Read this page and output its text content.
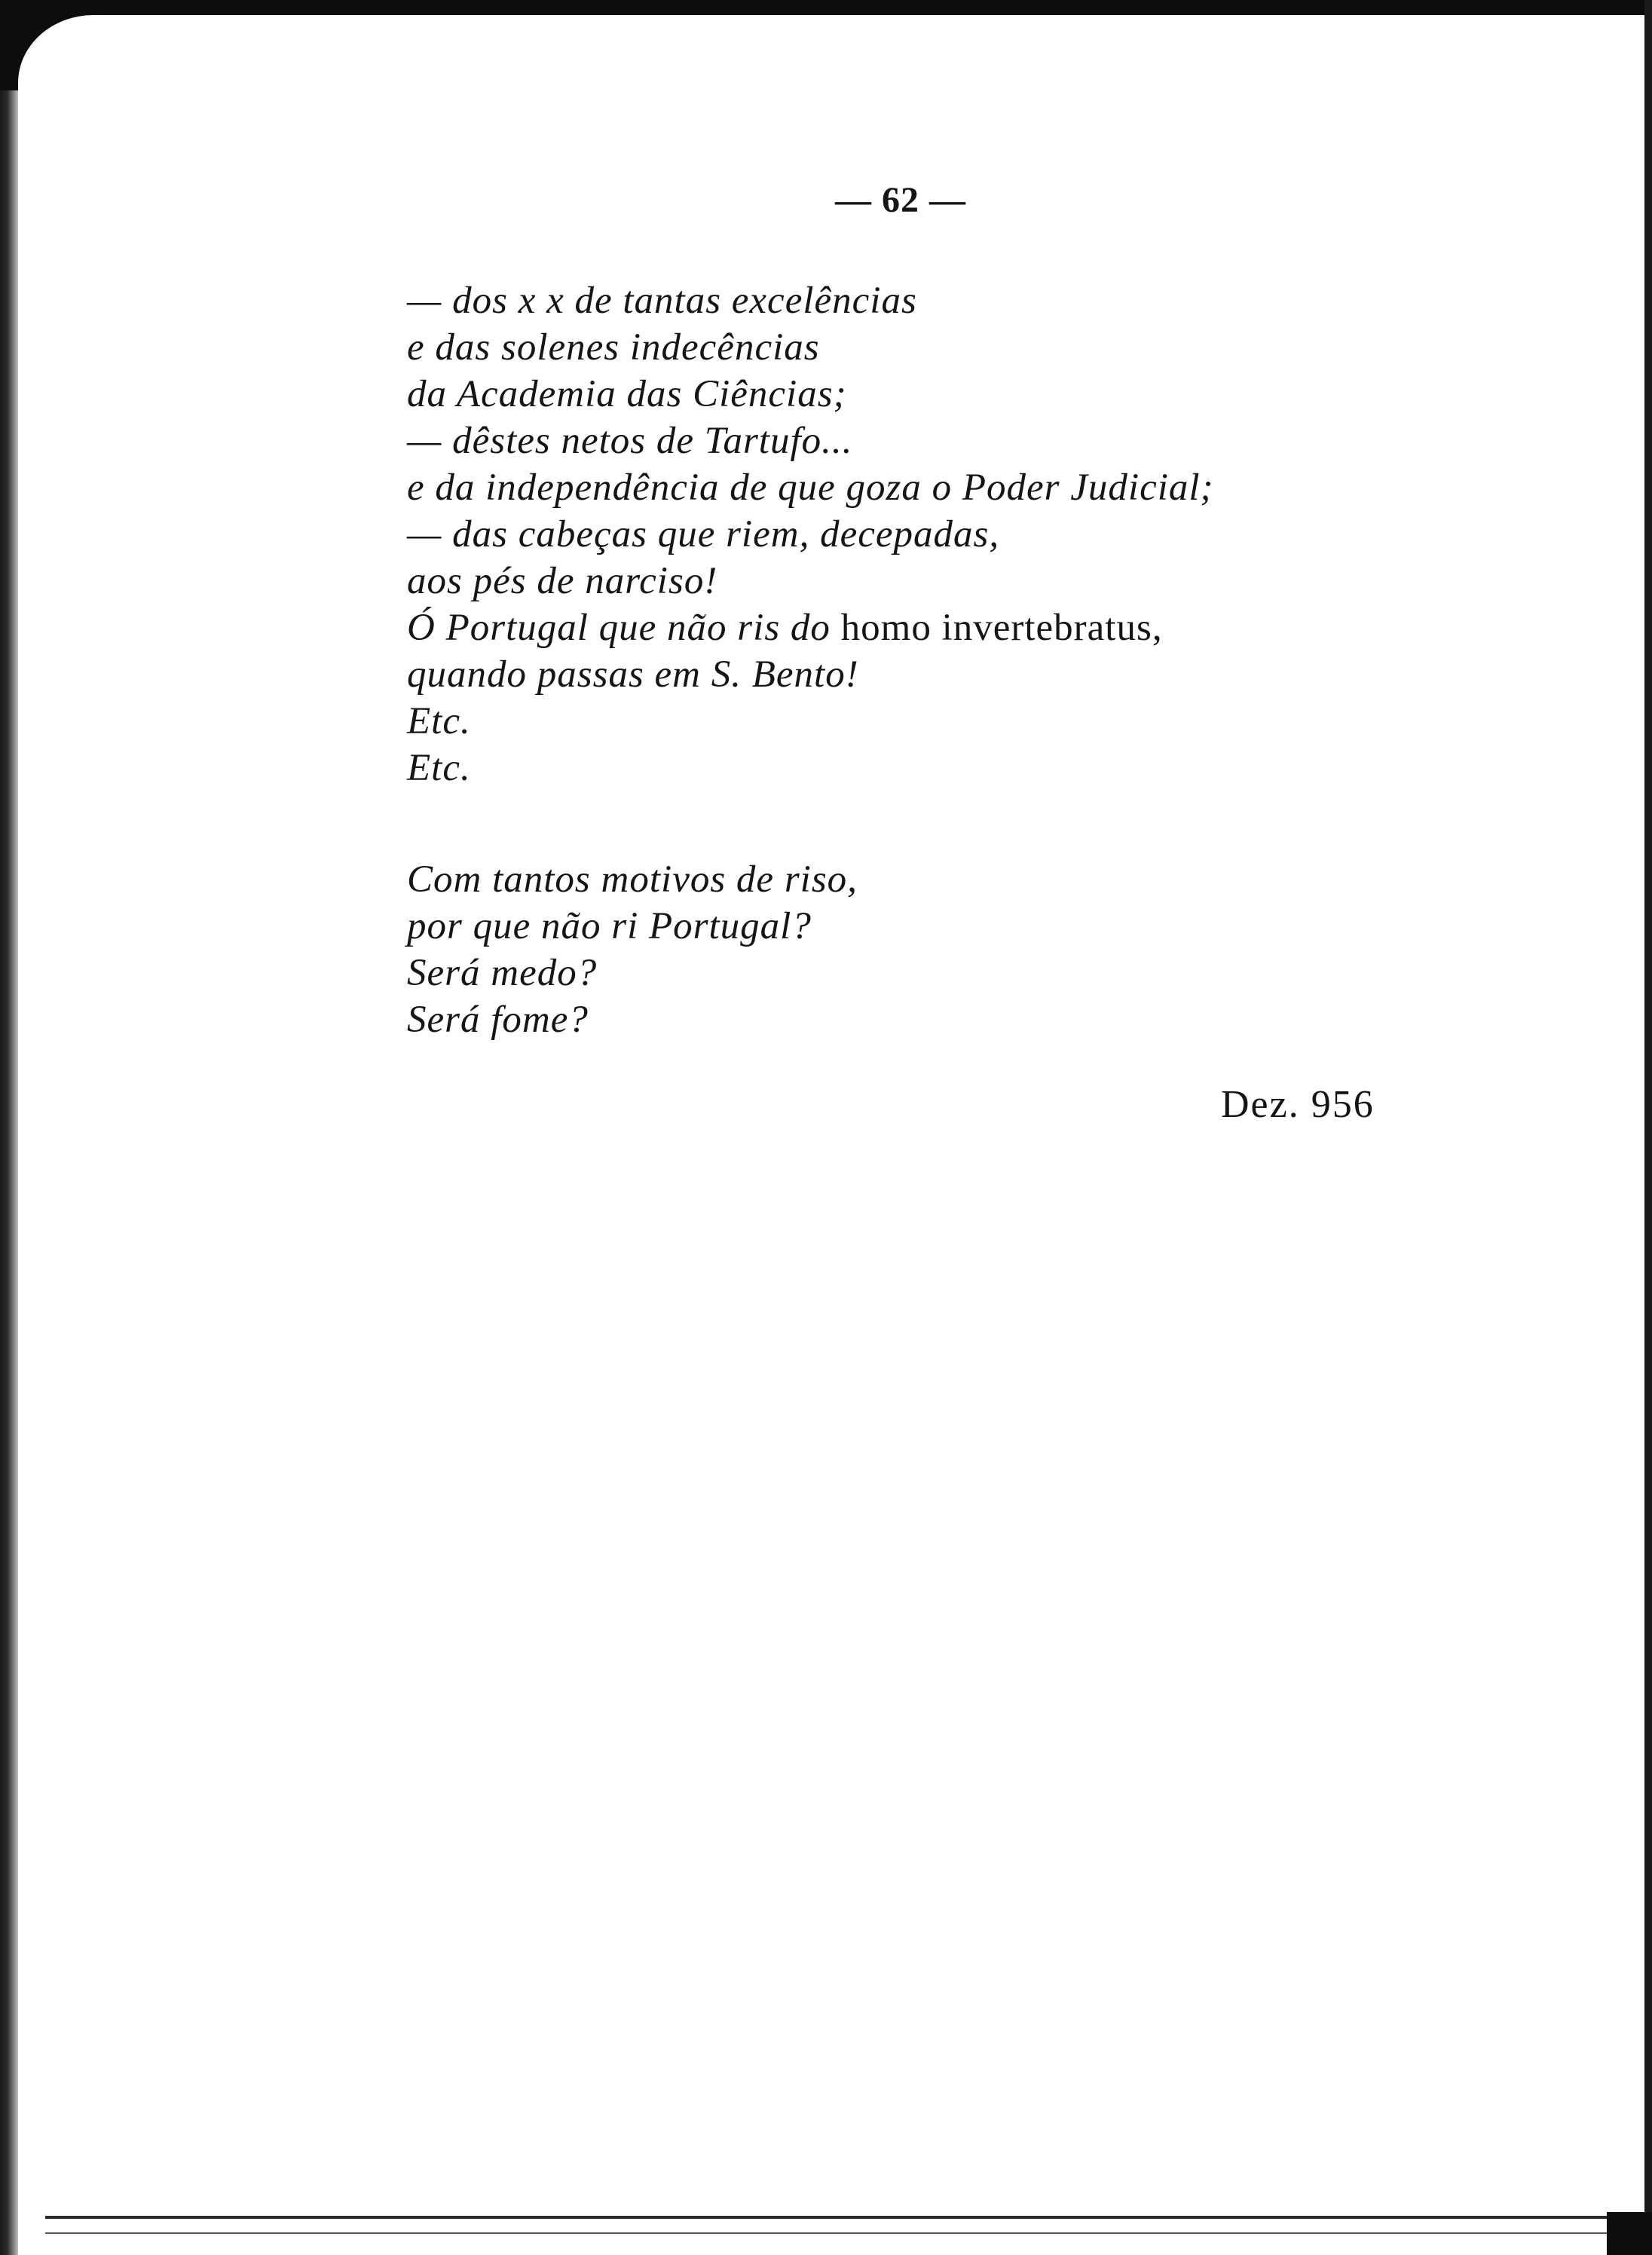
— 62 —
— dos x x de tantas excelências
e das solenes indecências
da Academia das Ciências;
— dêstes netos de Tartufo...
e da independência de que goza o Poder Judicial;
— das cabeças que riem, decepadas,
aos pés de narciso!
Ó Portugal que não ris do homo invertebratus,
quando passas em S. Bento!
Etc.
Etc.
Com tantos motivos de riso,
por que não ri Portugal?
Será medo?
Será fome?
Dez. 956
